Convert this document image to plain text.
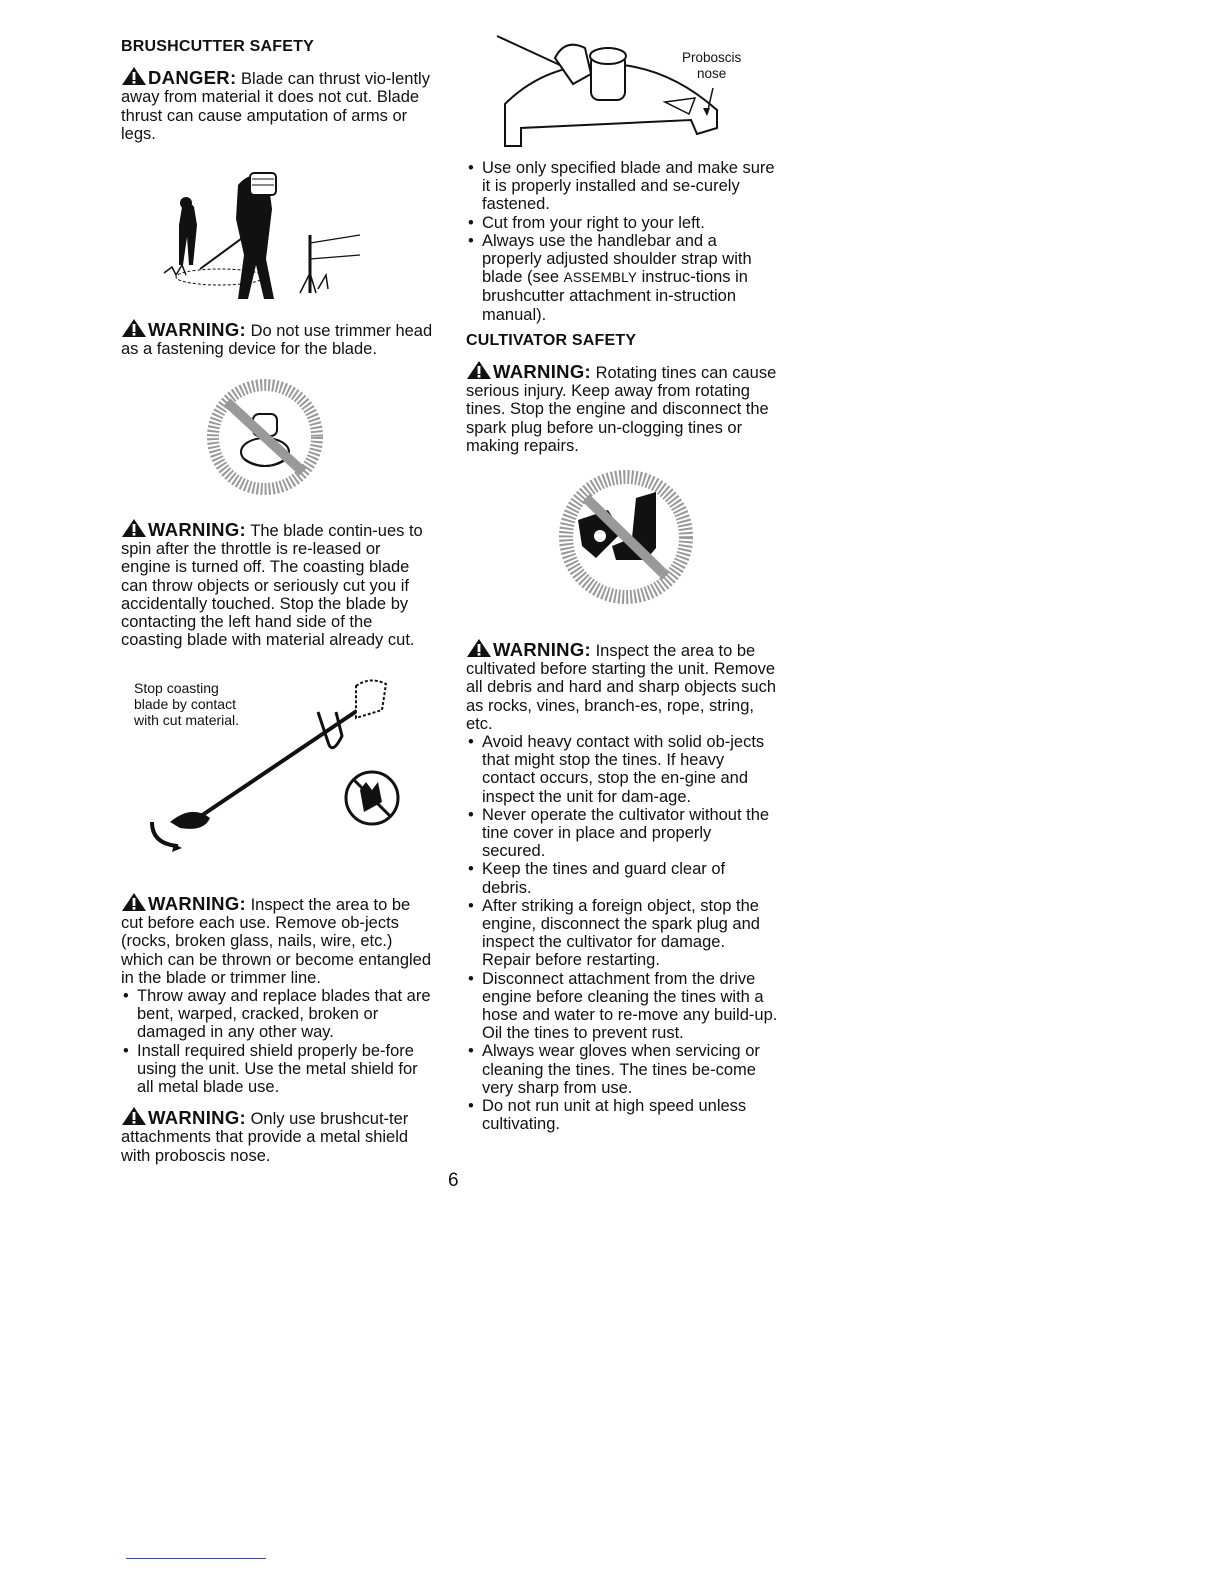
BRUSHCUTTER SAFETY

DANGER: Blade can thrust vio-lently away from material it does not cut. Blade thrust can cause amputation of arms or legs.

WARNING: Do not use trimmer head as a fastening device for the blade.

WARNING: The blade contin-ues to spin after the throttle is re-leased or engine is turned off. The coasting blade can throw objects or seriously cut you if accidentally touched. Stop the blade by contacting the left hand side of the coasting blade with material already cut.

Stop coasting
blade by contact
with cut material.

WARNING: Inspect the area to be cut before each use. Remove ob-jects (rocks, broken glass, nails, wire, etc.) which can be thrown or become entangled in the blade or trimmer line.

• Throw away and replace blades that are bent, warped, cracked, broken or damaged in any other way.
• Install required shield properly be-fore using the unit. Use the metal shield for all metal blade use.

WARNING: Only use brushcut-ter attachments that provide a metal shield with proboscis nose.

Proboscis
nose
• Use only specified blade and make sure it is properly installed and se-curely fastened.
• Cut from your right to your left.
• Always use the handlebar and a properly adjusted shoulder strap with blade (see ASSEMBLY instruc-tions in brushcutter attachment in-struction manual).
CULTIVATOR SAFETY

WARNING: Rotating tines can cause serious injury. Keep away from rotating tines. Stop the engine and disconnect the spark plug before un-clogging tines or making repairs.

WARNING: Inspect the area to be cultivated before starting the unit. Remove all debris and hard and sharp objects such as rocks, vines, branch-es, rope, string, etc.

• Avoid heavy contact with solid ob-jects that might stop the tines. If heavy contact occurs, stop the en-gine and inspect the unit for dam-age.
• Never operate the cultivator without the tine cover in place and properly secured.
• Keep the tines and guard clear of debris.
• After striking a foreign object, stop the engine, disconnect the spark plug and inspect the cultivator for damage. Repair before restarting.
• Disconnect attachment from the drive engine before cleaning the tines with a hose and water to re-move any build-up. Oil the tines to prevent rust.
• Always wear gloves when servicing or cleaning the tines. The tines be-come very sharp from use.
• Do not run unit at high speed unless cultivating.
6
